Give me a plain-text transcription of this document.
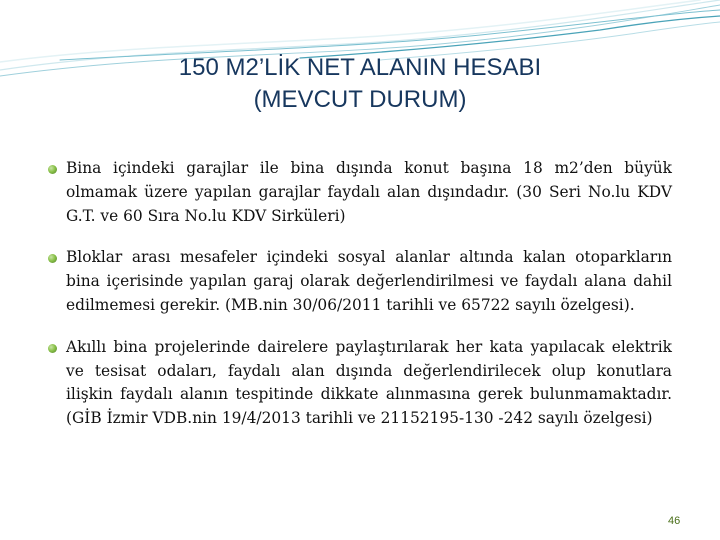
150 M2’LİK NET ALANIN HESABI
(MEVCUT DURUM)
Bina içindeki garajlar ile bina dışında konut başına 18 m2’den büyük olmamak üzere yapılan garajlar faydalı alan dışındadır. (30 Seri No.lu KDV G.T. ve 60 Sıra No.lu KDV Sirküleri)
Bloklar arası mesafeler içindeki sosyal alanlar altında kalan otoparkların bina içerisinde yapılan garaj olarak değerlendirilmesi ve faydalı alana dahil edilmemesi gerekir. (MB.nin 30/06/2011 tarihli ve 65722 sayılı özelgesi).
Akıllı bina projelerinde dairelere paylaştırılarak her kata yapılacak elektrik ve tesisat odaları, faydalı alan dışında değerlendirilecek olup konutlara ilişkin faydalı alanın tespitinde dikkate alınmasına gerek bulunmamaktadır. (GİB İzmir VDB.nin 19/4/2013 tarihli ve 21152195-130 -242 sayılı özelgesi)
46
